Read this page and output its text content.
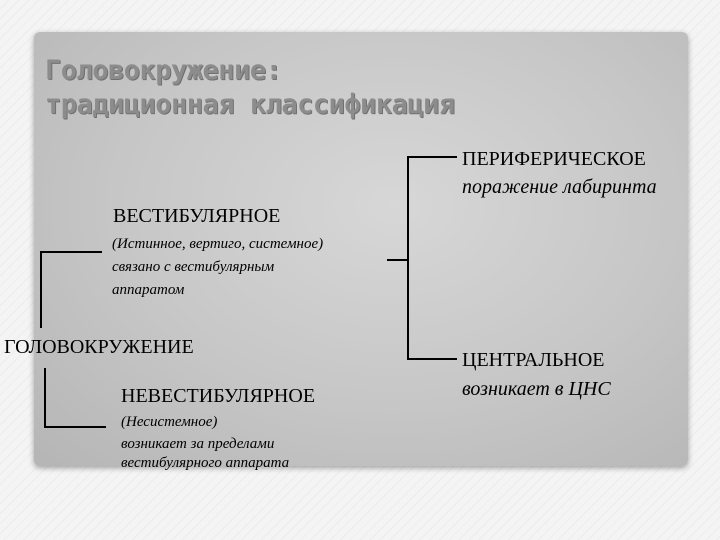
Головокружение:
традиционная классификация
ПЕРИФЕРИЧЕСКОЕ
поражение лабиринта
ВЕСТИБУЛЯРНОЕ
(Истинное, вертиго, системное)
связано с вестибулярным
аппаратом
ГОЛОВОКРУЖЕНИЕ
ЦЕНТРАЛЬНОЕ
возникает в ЦНС
НЕВЕСТИБУЛЯРНОЕ
(Несистемное)
возникает за пределами
вестибулярного аппарата
